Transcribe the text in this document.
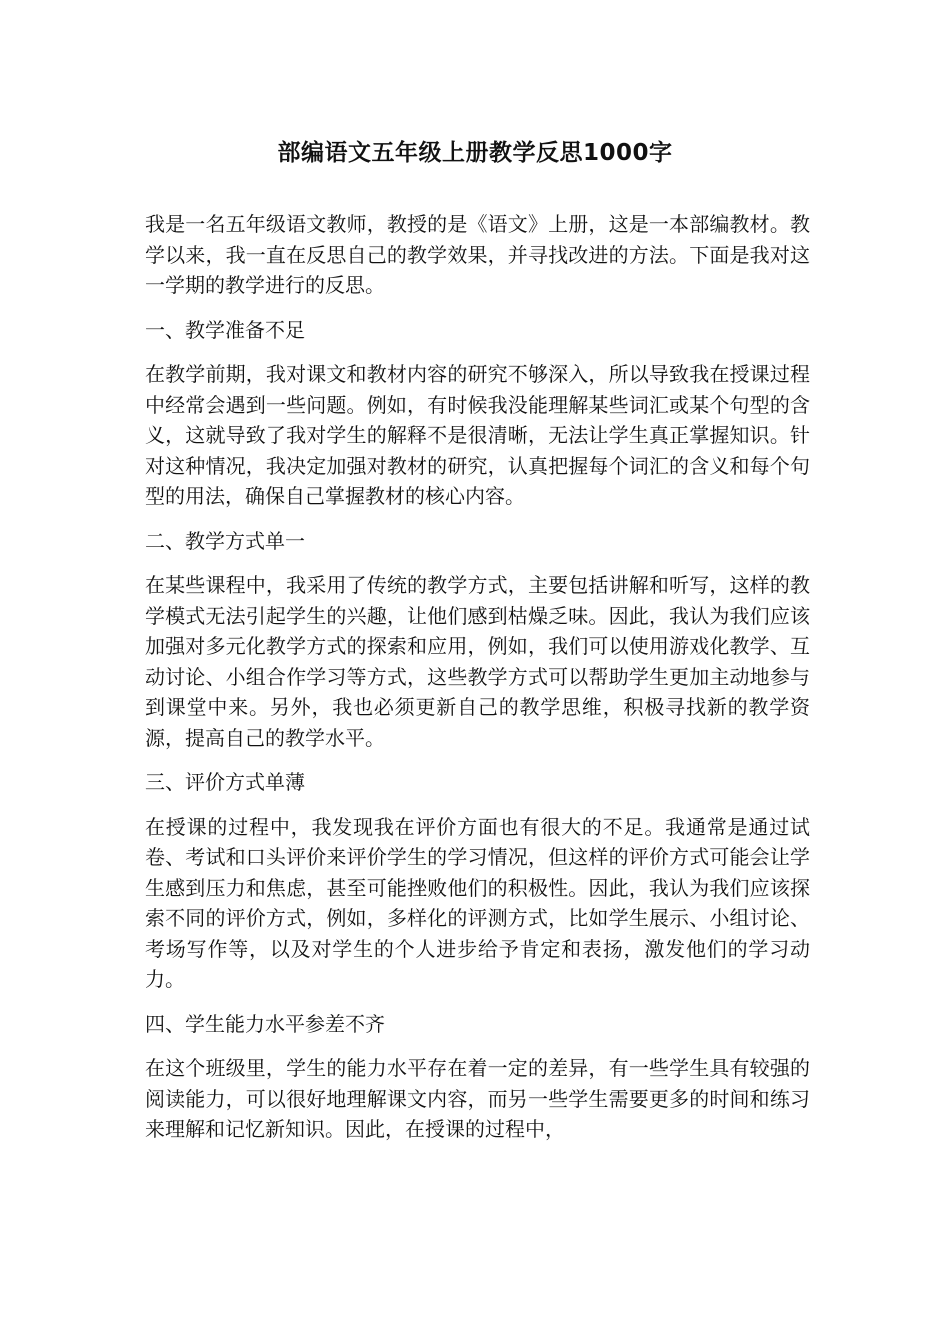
部编语文五年级上册教学反思1000字

我是一名五年级语文教师，教授的是《语文》上册，这是一本部编教材。教学以来，我一直在反思自己的教学效果，并寻找改进的方法。下面是我对这一学期的教学进行的反思。

一、教学准备不足

在教学前期，我对课文和教材内容的研究不够深入，所以导致我在授课过程中经常会遇到一些问题。例如，有时候我没能理解某些词汇或某个句型的含义，这就导致了我对学生的解释不是很清晰，无法让学生真正掌握知识。针对这种情况，我决定加强对教材的研究，认真把握每个词汇的含义和每个句型的用法，确保自己掌握教材的核心内容。

二、教学方式单一

在某些课程中，我采用了传统的教学方式，主要包括讲解和听写，这样的教学模式无法引起学生的兴趣，让他们感到枯燥乏味。因此，我认为我们应该加强对多元化教学方式的探索和应用，例如，我们可以使用游戏化教学、互动讨论、小组合作学习等方式，这些教学方式可以帮助学生更加主动地参与到课堂中来。另外，我也必须更新自己的教学思维，积极寻找新的教学资源，提高自己的教学水平。

三、评价方式单薄

在授课的过程中，我发现我在评价方面也有很大的不足。我通常是通过试卷、考试和口头评价来评价学生的学习情况，但这样的评价方式可能会让学生感到压力和焦虑，甚至可能挫败他们的积极性。因此，我认为我们应该探索不同的评价方式，例如，多样化的评测方式，比如学生展示、小组讨论、考场写作等，以及对学生的个人进步给予肯定和表扬，激发他们的学习动力。

四、学生能力水平参差不齐

在这个班级里，学生的能力水平存在着一定的差异，有一些学生具有较强的阅读能力，可以很好地理解课文内容，而另一些学生需要更多的时间和练习来理解和记忆新知识。因此，在授课的过程中，
